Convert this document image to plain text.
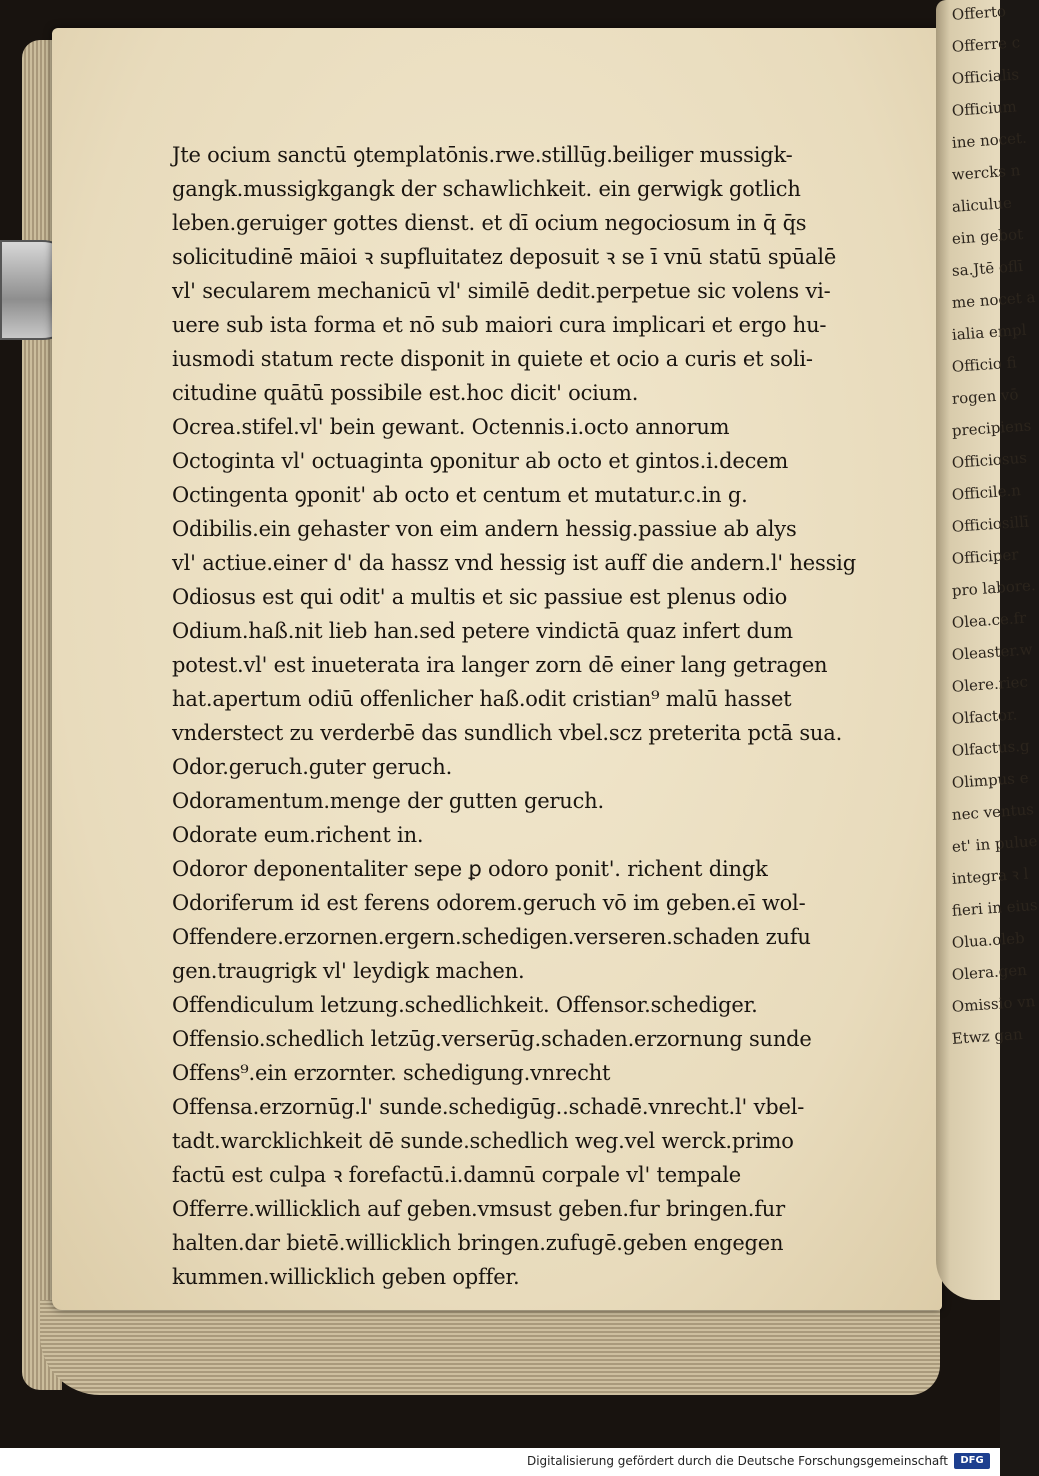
Offerto
Offerre c
Officialis
Officium
ine nocet.
wercks n
aliculue
ein gebot
sa.Jtē oflī
me nocet a
ialia empl
Officio fi
rogen vō
precipiens
Officiosus
Officile.n
Officiosillī
Officiper
pro labore.
Olea.ce.fr
Oleaster.w
Olere.riec
Olfactor.
Olfactus.g
Olimpus e
nec ventus
et' in pulue
integra ꝛ l
fieri in eius
Olua.oleb
Olera.gen
Omissio vn
Etwz gan
Jte ocium sanctū ꝯtemplatōnis.rwe.stillūg.beiliger mussigk-
gangk.mussigkgangk der schawlichkeit. ein gerwigk gotlich
leben.geruiger gottes dienst. et dī ocium negociosum in q̄ q̄s
solicitudinē māioi ꝛ supfluitatez deposuit ꝛ se ī vnū statū spūalē
vl' secularem mechanicū vl' similē dedit.perpetue sic volens vi-
uere sub ista forma et nō sub maiori cura implicari et ergo hu-
iusmodi statum recte disponit in quiete et ocio a curis et soli-
citudine quātū possibile est.hoc dicit' ocium.
Ocrea.stifel.vl' bein gewant. Octennis.i.octo annorum
Octoginta vl' octuaginta ꝯponitur ab octo et gintos.i.decem
Octingenta ꝯponit' ab octo et centum et mutatur.c.in g.
Odibilis.ein gehaster von eim andern hessig.passiue ab alys
vl' actiue.einer d' da hassz vnd hessig ist auff die andern.l' hessig
Odiosus est qui odit' a multis et sic passiue est plenus odio
Odium.haß.nit lieb han.sed petere vindictā quaz infert dum
potest.vl' est inueterata ira langer zorn dē einer lang getragen
hat.apertum odiū offenlicher haß.odit cristian⁹ malū hasset
vnderstect zu verderbē das sundlich vbel.scz preterita pctā sua.
Odor.geruch.guter geruch.
Odoramentum.menge der gutten geruch.
Odorate eum.richent in.
Odoror deponentaliter sepe ꝑ odoro ponit'. richent dingk
Odoriferum id est ferens odorem.geruch vō im geben.eī wol-
Offendere.erzornen.ergern.schedigen.verseren.schaden zufu
gen.traugrigk vl' leydigk machen.
Offendiculum letzung.schedlichkeit. Offensor.schediger.
Offensio.schedlich letzūg.verserūg.schaden.erzornung sunde
Offens⁹.ein erzornter. schedigung.vnrecht
Offensa.erzornūg.l' sunde.schedigūg..schadē.vnrecht.l' vbel-
tadt.warcklichkeit dē sunde.schedlich weg.vel werck.primo
factū est culpa ꝛ forefactū.i.damnū corpale vl' tempale
Offerre.willicklich auf geben.vmsust geben.fur bringen.fur
halten.dar bietē.willicklich bringen.zufugē.geben engegen
kummen.willicklich geben opffer.
Digitalisierung gefördert durch die Deutsche Forschungsgemeinschaft	DFG
